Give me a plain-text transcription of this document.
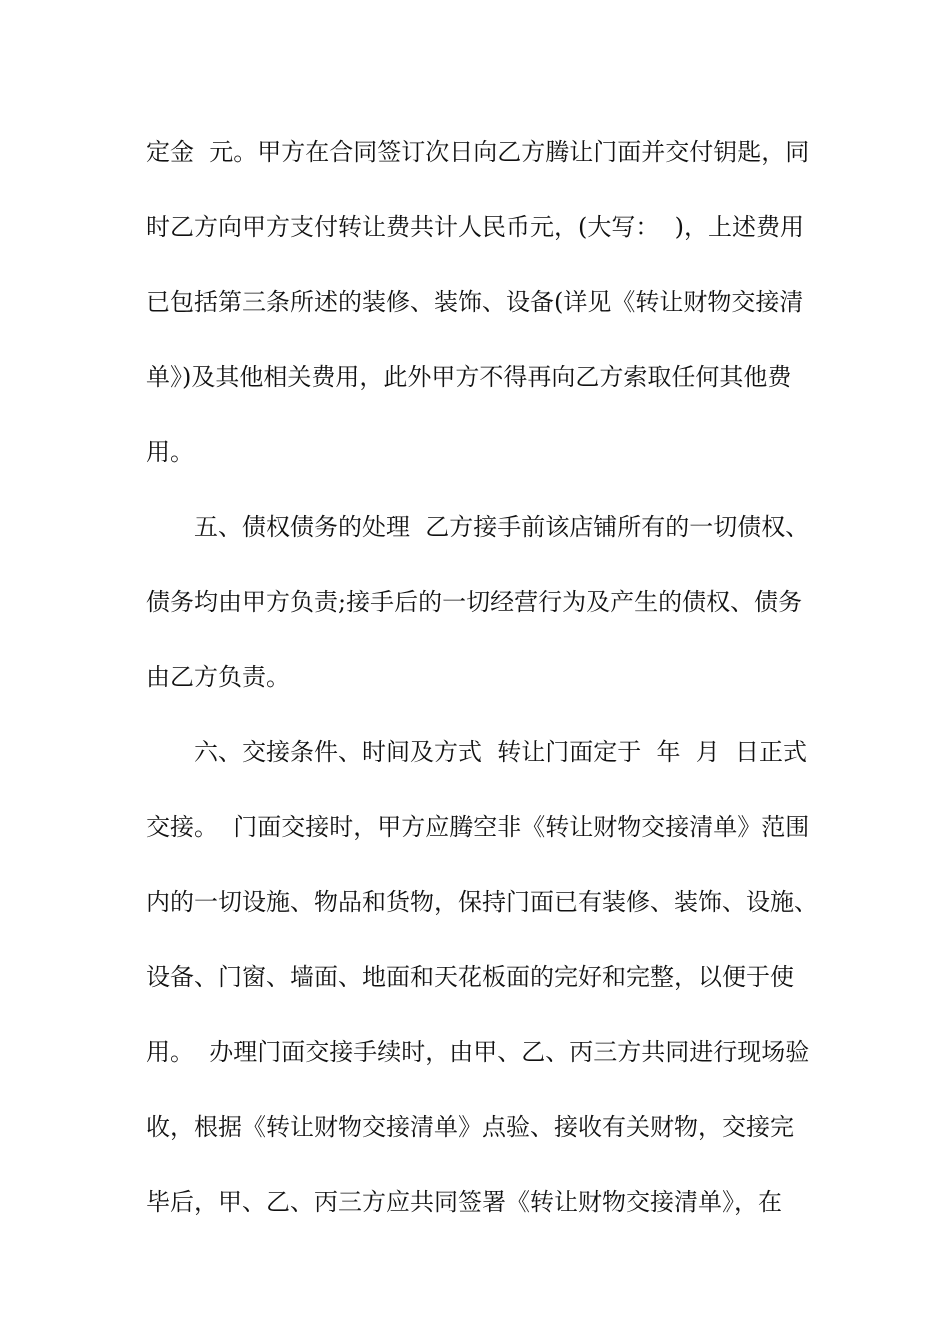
定金  元。甲方在合同签订次日向乙方腾让门面并交付钥匙，同
时乙方向甲方支付转让费共计人民币元，(大写：  )，上述费用
已包括第三条所述的装修、装饰、设备(详见《转让财物交接清
单》)及其他相关费用，此外甲方不得再向乙方索取任何其他费
用。
五、债权债务的处理  乙方接手前该店铺所有的一切债权、
债务均由甲方负责;接手后的一切经营行为及产生的债权、债务
由乙方负责。
六、交接条件、时间及方式  转让门面定于  年  月  日正式
交接。  门面交接时，甲方应腾空非《转让财物交接清单》范围
内的一切设施、物品和货物，保持门面已有装修、装饰、设施、
设备、门窗、墙面、地面和天花板面的完好和完整，以便于使
用。  办理门面交接手续时，由甲、乙、丙三方共同进行现场验
收，根据《转让财物交接清单》点验、接收有关财物，交接完
毕后，甲、乙、丙三方应共同签署《转让财物交接清单》，在
